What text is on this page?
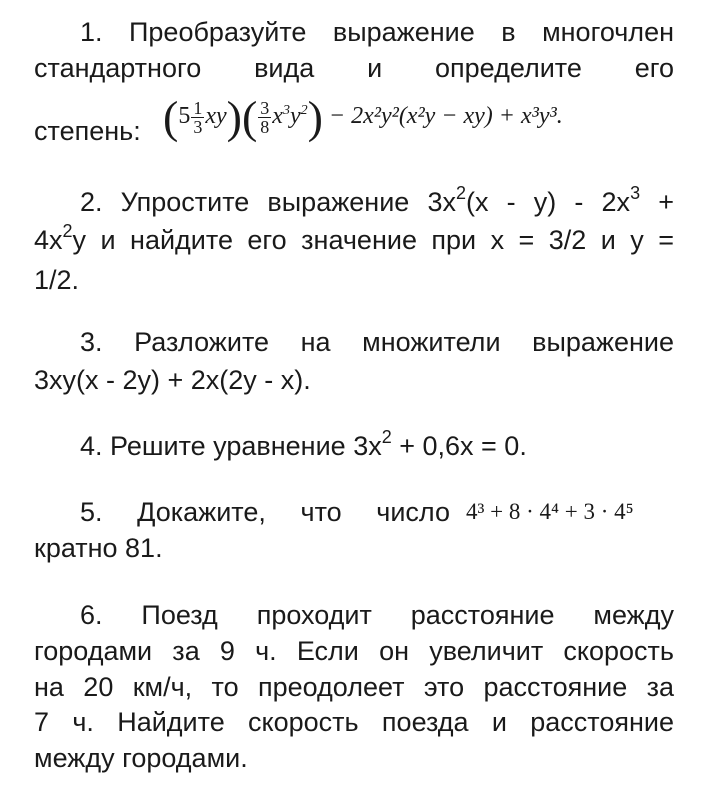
1. Преобразуйте выражение в многочлен
стандартного вида и определите его
степень: $(5 \frac{1}{3} xy)( \frac{3}{8} x^3y^2) - 2x^2y^2(x^2y - xy) + x^3y^3$.
2. Упростите выражение $3x^2(x - y) - 2x^3$ +
$4x^2y$ и найдите его значение при x = 3/2 и y =
1/2.
3. Разложите на множители выражение
3xy(x - 2y) + 2x(2y - x).
4. Решите уравнение $3x^2 + 0,6x = 0$.
5. Докажите, что число 4³ + 8 · 4⁴ + 3 · 4⁵
кратно 81.
6. Поезд проходит расстояние между
городами за 9 ч. Если он увеличит скорость
на 20 км/ч, то преодолеет это расстояние за
7 ч. Найдите скорость поезда и расстояние
между городами.
